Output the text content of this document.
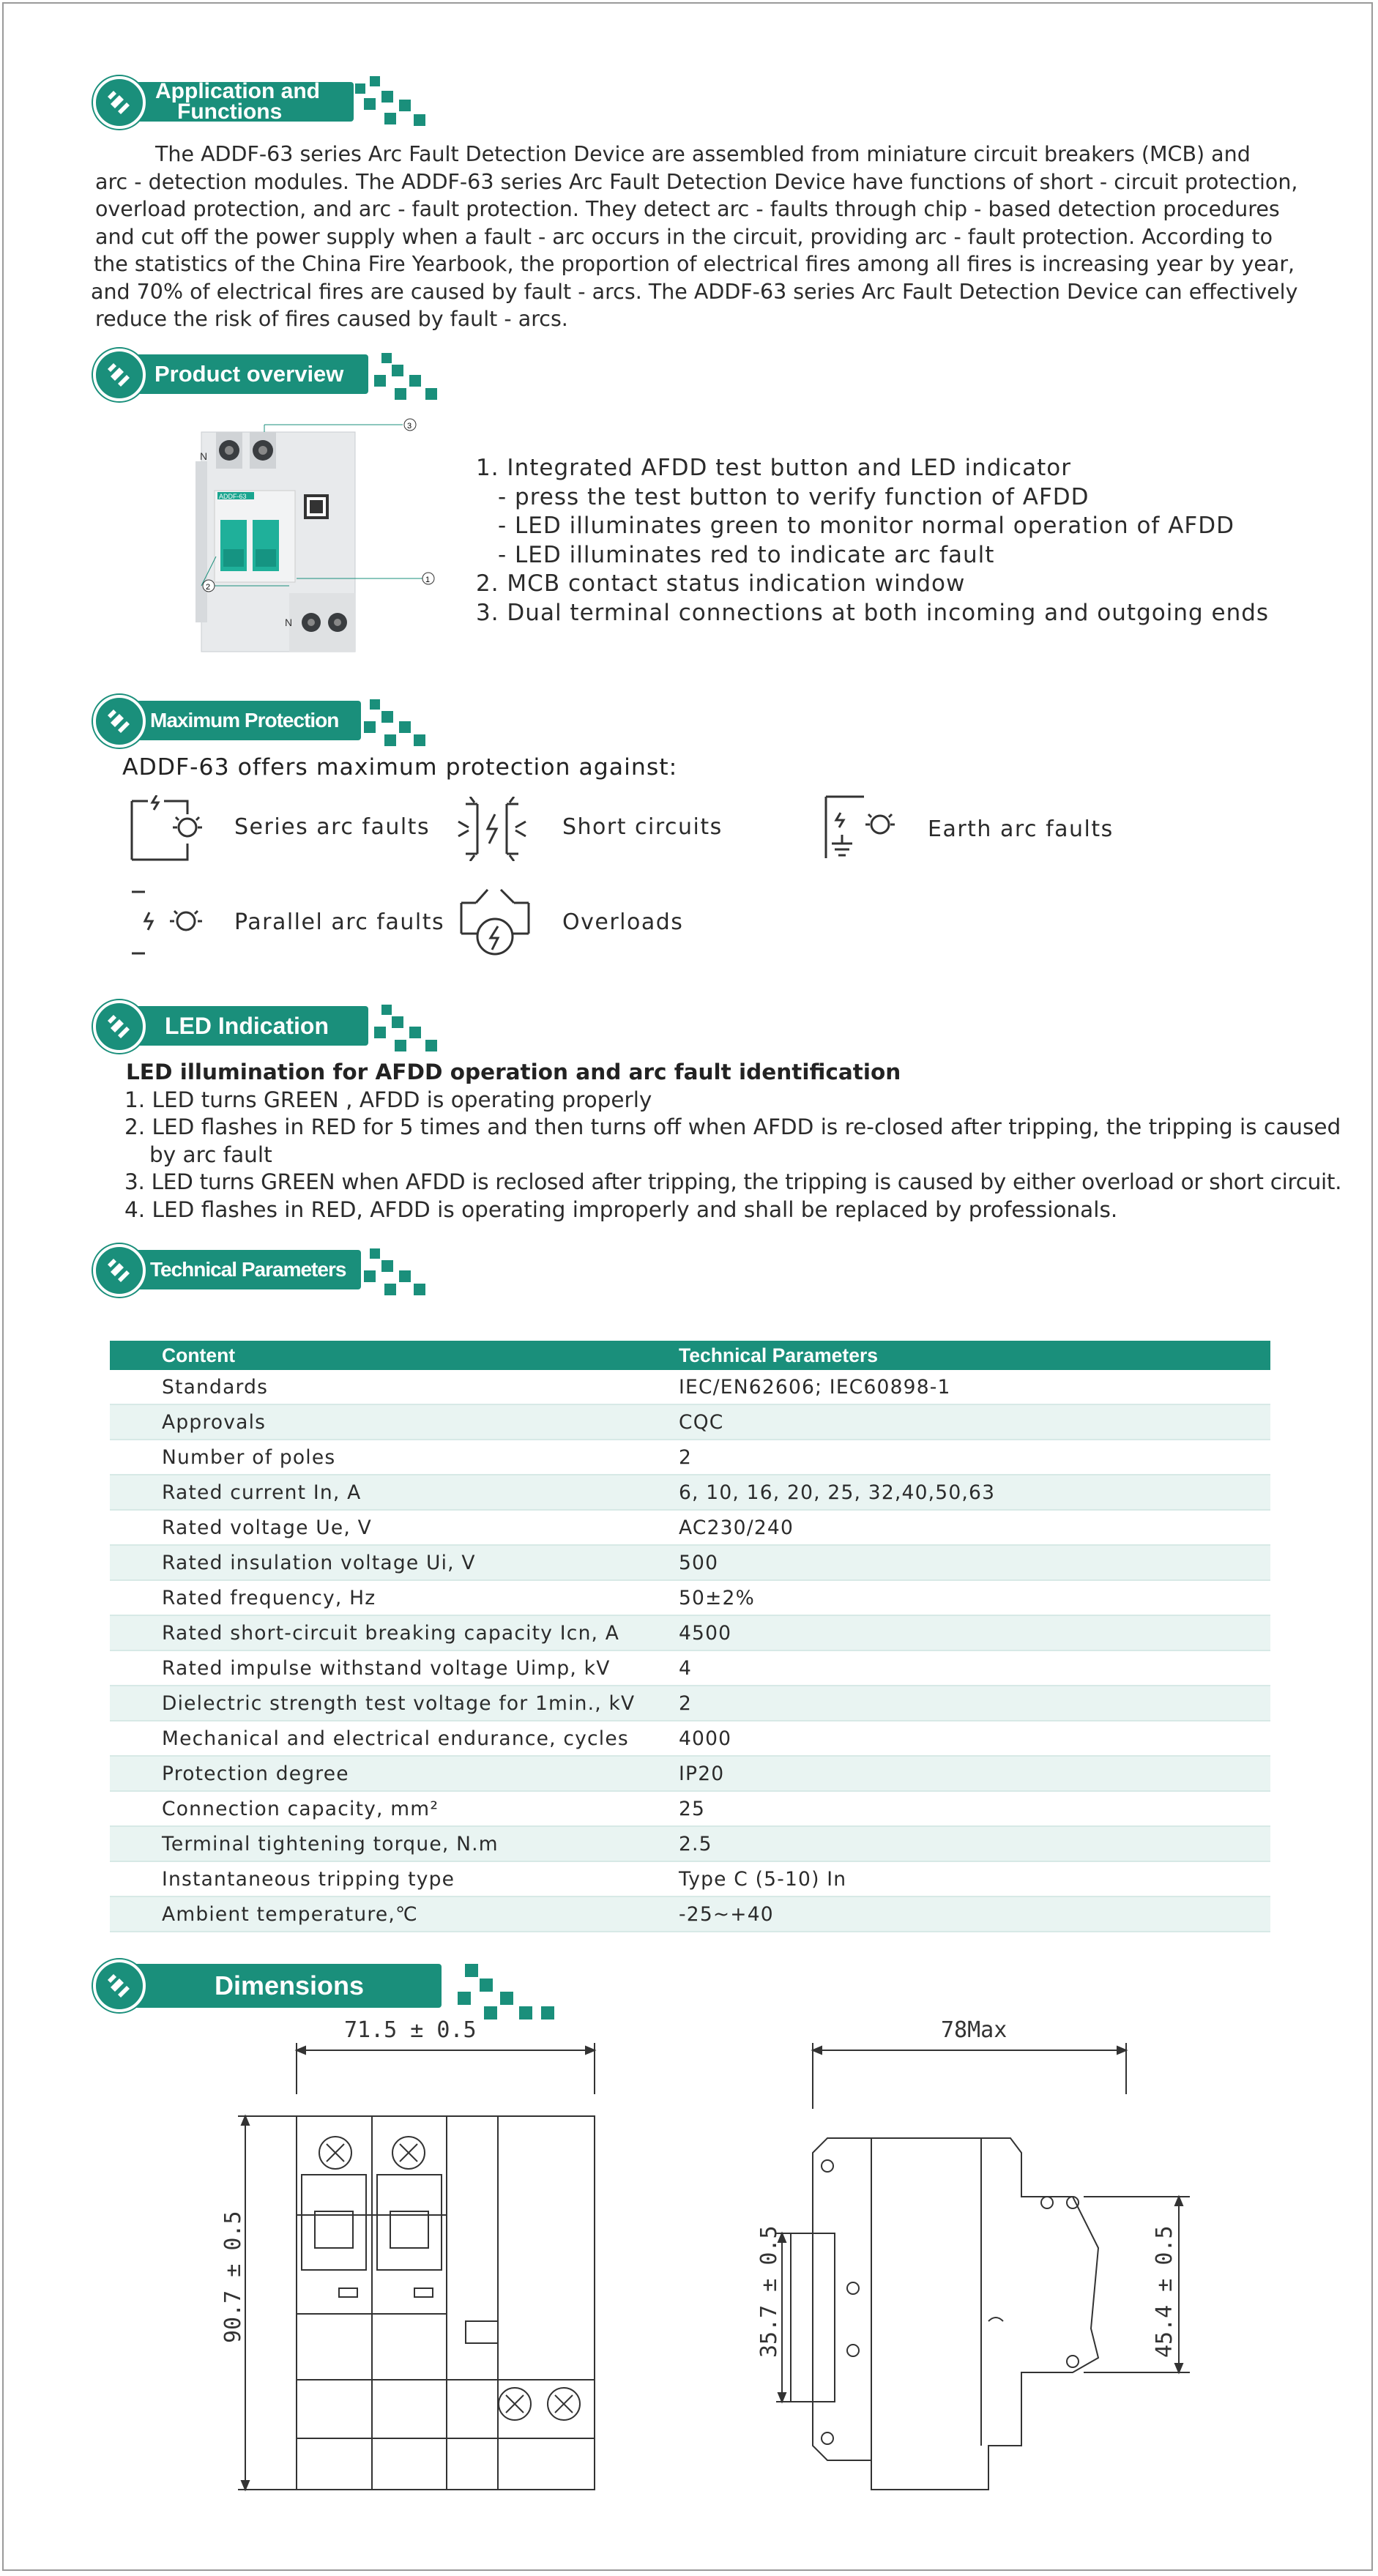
Application and
Functions
The ADDF-63 series Arc Fault Detection Device are assembled from miniature circuit breakers (MCB) and
arc - detection modules. The ADDF-63 series Arc Fault Detection Device have functions of short - circuit protection,
overload protection, and arc - fault protection. They detect arc - faults through chip - based detection procedures
and cut off the power supply when a fault - arc occurs in the circuit, providing arc - fault protection. According to
the statistics of the China Fire Yearbook, the proportion of electrical fires among all fires is increasing year by year,
and 70% of electrical fires are caused by fault - arcs. The ADDF-63 series Arc Fault Detection Device can effectively
reduce the risk of fires caused by fault - arcs.
Product overview
N
ADDF-63
N
3
2
1
1. Integrated AFDD test button and LED indicator
- press the test button to verify function of AFDD
- LED illuminates green to monitor normal operation of AFDD
- LED illuminates red to indicate arc fault
2. MCB contact status indication window
3. Dual terminal connections at both incoming and outgoing ends
Maximum Protection
ADDF-63 offers maximum protection against:
Series arc faults	Short circuits	Earth arc faults
Parallel arc faults	Overloads
LED Indication
LED illumination for AFDD operation and arc fault identification
1. LED turns GREEN , AFDD is operating properly
2. LED flashes in RED for 5 times and then turns off when AFDD is re-closed after tripping, the tripping is caused
by arc fault
3. LED turns GREEN when AFDD is reclosed after tripping, the tripping is caused by either overload or short circuit.
4. LED flashes in RED, AFDD is operating improperly and shall be replaced by professionals.
Technical Parameters
Content	Technical Parameters
Standards	IEC/EN62606; IEC60898-1
Approvals	CQC
Number of poles	2
Rated current In, A	6, 10, 16, 20, 25, 32,40,50,63
Rated voltage Ue, V	AC230/240
Rated insulation voltage Ui, V	500
Rated frequency, Hz	50±2%
Rated short-circuit breaking capacity Icn, A	4500
Rated impulse withstand voltage Uimp, kV	4
Dielectric strength test voltage for 1min., kV	2
Mechanical and electrical endurance, cycles	4000
Protection degree	IP20
Connection capacity, mm²	25
Terminal tightening torque, N.m	2.5
Instantaneous tripping type	Type C (5-10) In
Ambient temperature,℃	-25~+40
Dimensions
71.5 ± 0.5
90.7 ± 0.5
78Max
35.7 ± 0.5	45.4 ± 0.5
